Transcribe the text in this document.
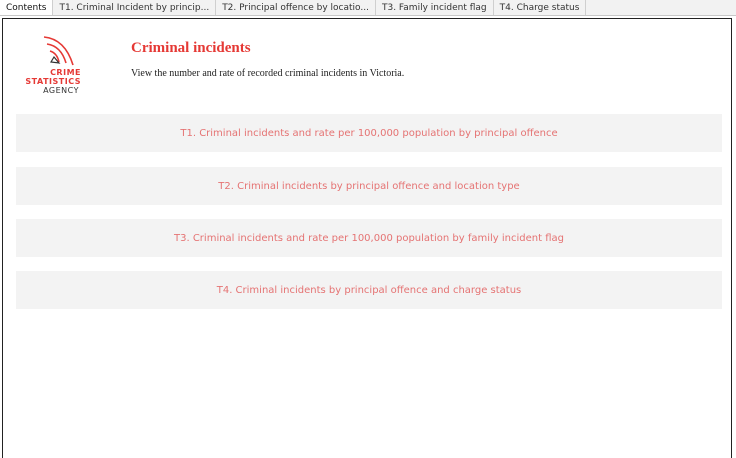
Contents	T1. Criminal Incident by princip...	T2. Principal offence by locatio...	T3. Family incident flag	T4. Charge status
CRIME
STATISTICS
AGENCY
Criminal incidents
View the number and rate of recorded criminal incidents in Victoria.
T1. Criminal incidents and rate per 100,000 population by principal offence
T2. Criminal incidents by principal offence and location type
T3. Criminal incidents and rate per 100,000 population by family incident flag
T4. Criminal incidents by principal offence and charge status
